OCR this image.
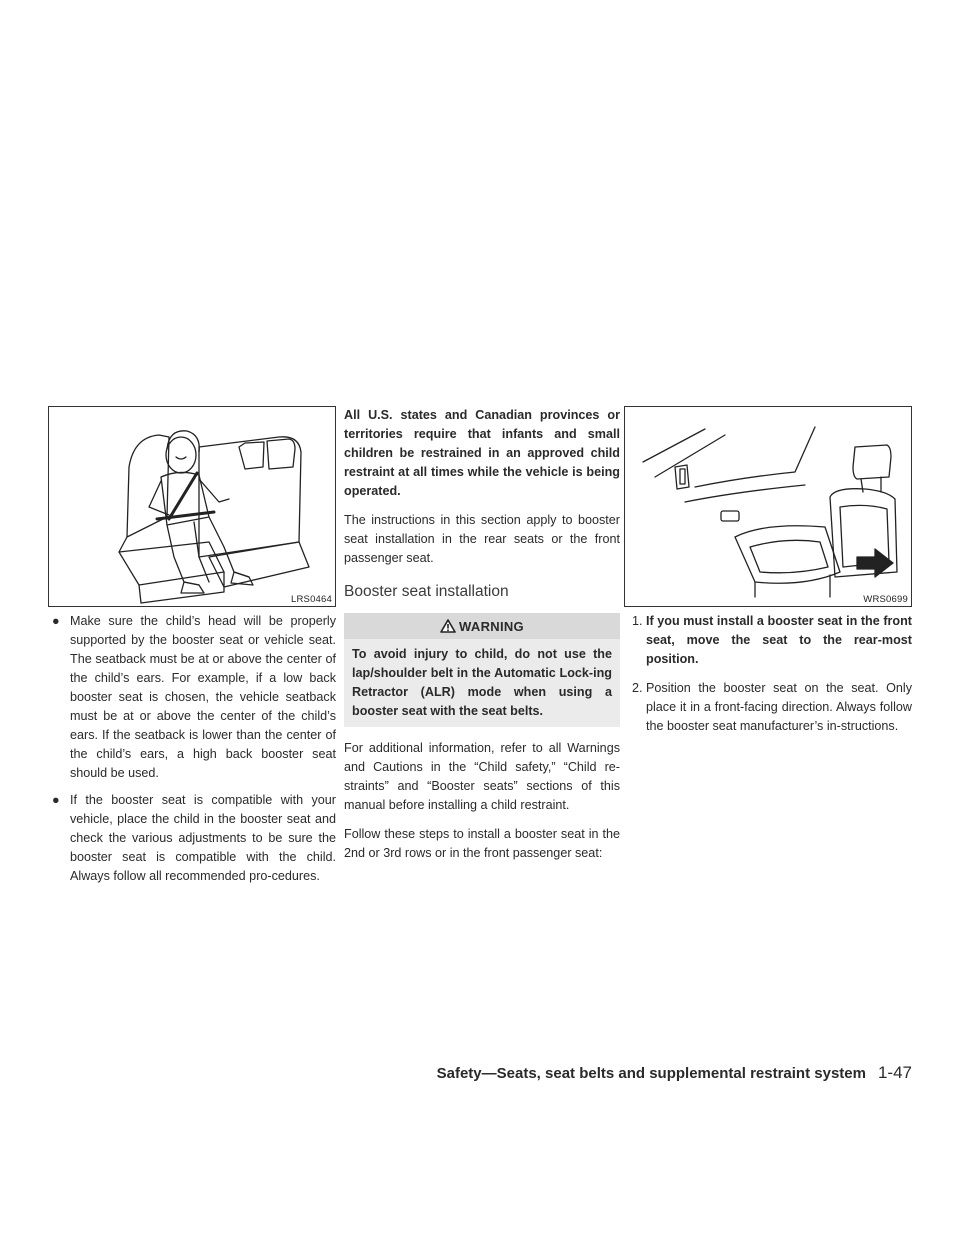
LRS0464	WRS0699
● Make sure the child’s head will be properly supported by the booster seat or vehicle seat. The seatback must be at or above the center of the child’s ears. For example, if a low back booster seat is chosen, the vehicle seatback must be at or above the center of the child’s ears. If the seatback is lower than the center of the child’s ears, a high back booster seat should be used.
● If the booster seat is compatible with your vehicle, place the child in the booster seat and check the various adjustments to be sure the booster seat is compatible with the child. Always follow all recommended pro-cedures.

All U.S. states and Canadian provinces or territories require that infants and small children be restrained in an approved child restraint at all times while the vehicle is being operated.

The instructions in this section apply to booster seat installation in the rear seats or the front passenger seat.

Booster seat installation
WARNING
To avoid injury to child, do not use the lap/shoulder belt in the Automatic Lock-ing Retractor (ALR) mode when using a booster seat with the seat belts.

For additional information, refer to all Warnings and Cautions in the “Child safety,” “Child re-straints” and “Booster seats” sections of this manual before installing a child restraint.

Follow these steps to install a booster seat in the 2nd or 3rd rows or in the front passenger seat:

1. If you must install a booster seat in the front seat, move the seat to the rear-most position.
2. Position the booster seat on the seat. Only place it in a front-facing direction. Always follow the booster seat manufacturer’s in-structions.
Safety—Seats, seat belts and supplemental restraint system 1-47
